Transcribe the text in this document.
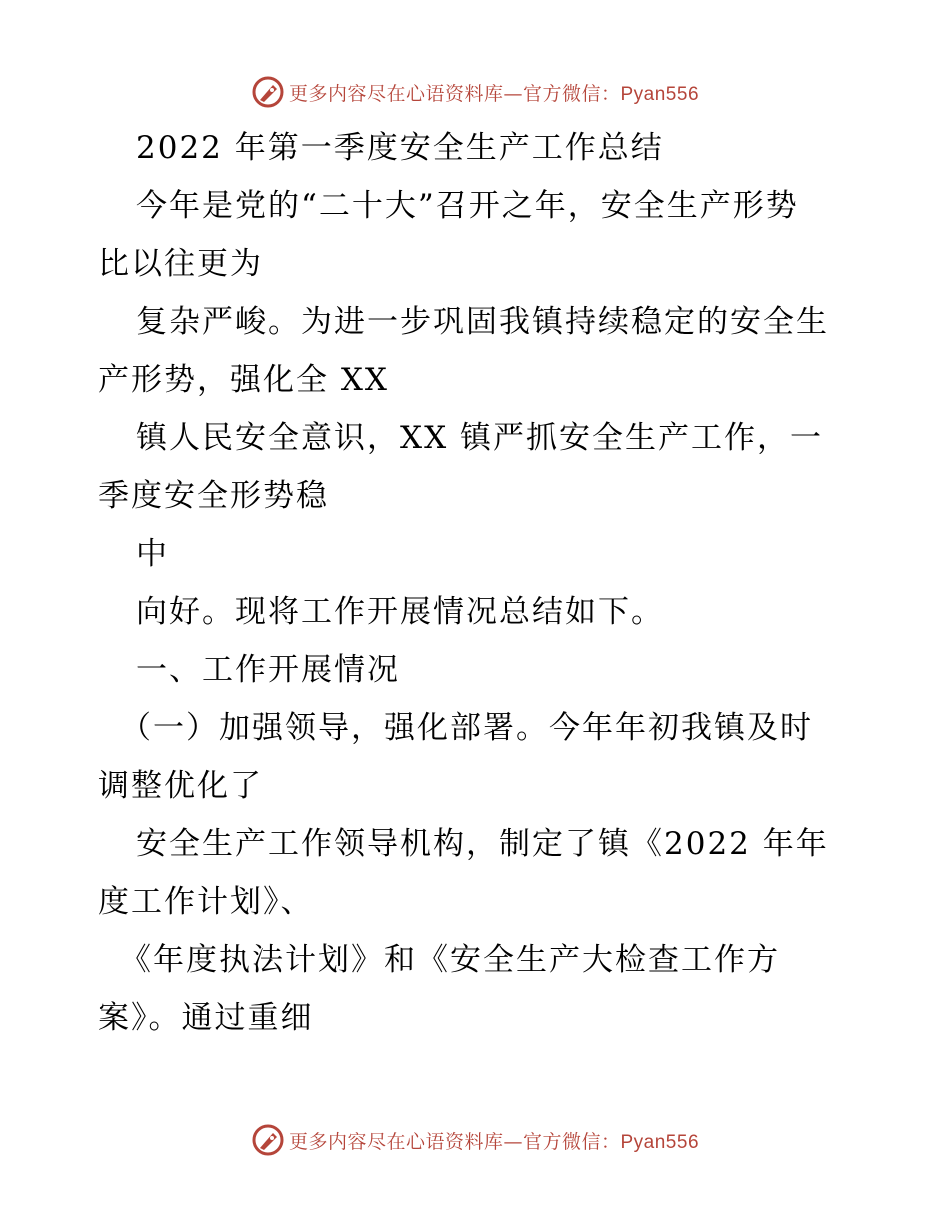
更多内容尽在心语资料库—官方微信：Pyan556
2022 年第一季度安全生产工作总结
今年是党的“二十大”召开之年，安全生产形势
比以往更为
复杂严峻。为进一步巩固我镇持续稳定的安全生
产形势，强化全 XX
镇人民安全意识，XX 镇严抓安全生产工作，一
季度安全形势稳
中
向好。现将工作开展情况总结如下。
一、工作开展情况
（一）加强领导，强化部署。今年年初我镇及时
调整优化了
安全生产工作领导机构，制定了镇《2022 年年
度工作计划》、
《年度执法计划》和《安全生产大检查工作方
案》。通过重细
更多内容尽在心语资料库—官方微信：Pyan556
